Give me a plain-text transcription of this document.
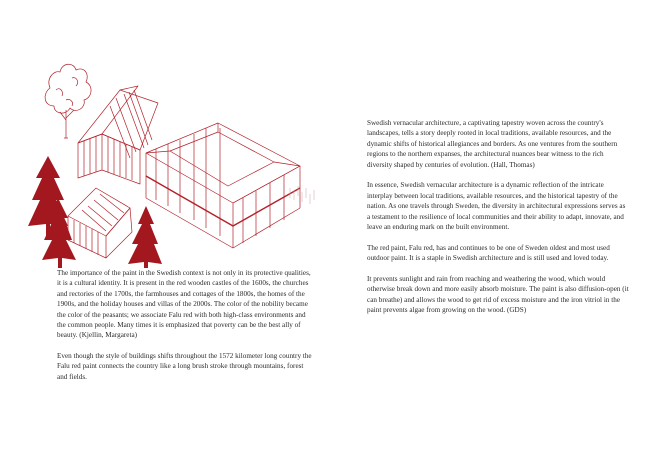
The importance of the paint in the Swedish context is not only in its protective qualities, it is a cultural identity. It is present in the red wooden castles of the 1600s, the churches and rectories of the 1700s, the farmhouses and cottages of the 1800s, the homes of the 1900s, and the holiday houses and villas of the 2000s. The color of the nobility became the color of the peasants; we associate Falu red with both high-class environments and the common people. Many times it is emphasized that poverty can be the best ally of beauty. (Kjellin, Margareta)

Even though the style of buildings shifts throughout the 1572 kilometer long country the Falu red paint connects the country like a long brush stroke through mountains, forest and fields.

Swedish vernacular architecture, a captivating tapestry woven across the country's landscapes, tells a story deeply rooted in local traditions, available resources, and the dynamic shifts of historical allegiances and borders. As one ventures from the southern regions to the northern expanses, the architectural nuances bear witness to the rich diversity shaped by centuries of evolution. (Hall, Thomas)

In essence, Swedish vernacular architecture is a dynamic reflection of the intricate interplay between local traditions, available resources, and the historical tapestry of the nation. As one travels through Sweden, the diversity in architectural expressions serves as a testament to the resilience of local communities and their ability to adapt, innovate, and leave an enduring mark on the built environment.

The red paint, Falu red, has and continues to be one of Sweden oldest and most used outdoor paint. It is a staple in Swedish architecture and is still used and loved today.

It prevents sunlight and rain from reaching and weathering the wood, which would otherwise break down and more easily absorb moisture. The paint is also diffusion-open (it can breathe) and allows the wood to get rid of excess moisture and the iron vitriol in the paint prevents algae from growing on the wood. (GDS)
